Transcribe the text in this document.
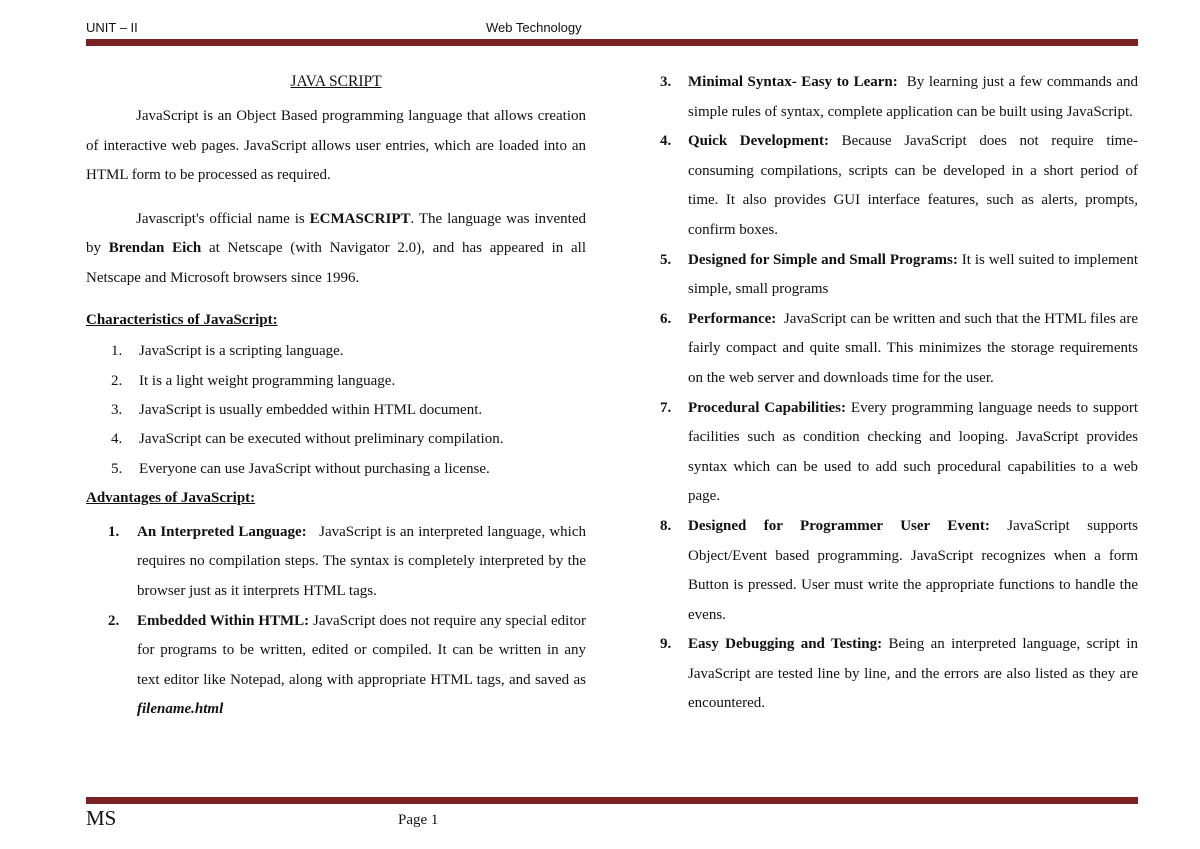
UNIT – II	Web Technology
JAVA SCRIPT

JavaScript is an Object Based programming language that allows creation of interactive web pages. JavaScript allows user entries, which are loaded into an HTML form to be processed as required.

Javascript's official name is ECMASCRIPT. The language was invented by Brendan Eich at Netscape (with Navigator 2.0), and has appeared in all Netscape and Microsoft browsers since 1996.

Characteristics of JavaScript:
1. JavaScript is a scripting language.
2. It is a light weight programming language.
3. JavaScript is usually embedded within HTML document.
4. JavaScript can be executed without preliminary compilation.
5. Everyone can use JavaScript without purchasing a license.
Advantages of JavaScript:
1. An Interpreted Language: JavaScript is an interpreted language, which requires no compilation steps. The syntax is completely interpreted by the browser just as it interprets HTML tags.
2. Embedded Within HTML: JavaScript does not require any special editor for programs to be written, edited or compiled. It can be written in any text editor like Notepad, along with appropriate HTML tags, and saved as filename.html
3. Minimal Syntax- Easy to Learn: By learning just a few commands and simple rules of syntax, complete application can be built using JavaScript.
4. Quick Development: Because JavaScript does not require time-consuming compilations, scripts can be developed in a short period of time. It also provides GUI interface features, such as alerts, prompts, confirm boxes.
5. Designed for Simple and Small Programs: It is well suited to implement simple, small programs
6. Performance: JavaScript can be written and such that the HTML files are fairly compact and quite small. This minimizes the storage requirements on the web server and downloads time for the user.
7. Procedural Capabilities: Every programming language needs to support facilities such as condition checking and looping. JavaScript provides syntax which can be used to add such procedural capabilities to a web page.
8. Designed for Programmer User Event: JavaScript supports Object/Event based programming. JavaScript recognizes when a form Button is pressed. User must write the appropriate functions to handle the evens.
9. Easy Debugging and Testing: Being an interpreted language, script in JavaScript are tested line by line, and the errors are also listed as they are encountered.
MS	Page 1
